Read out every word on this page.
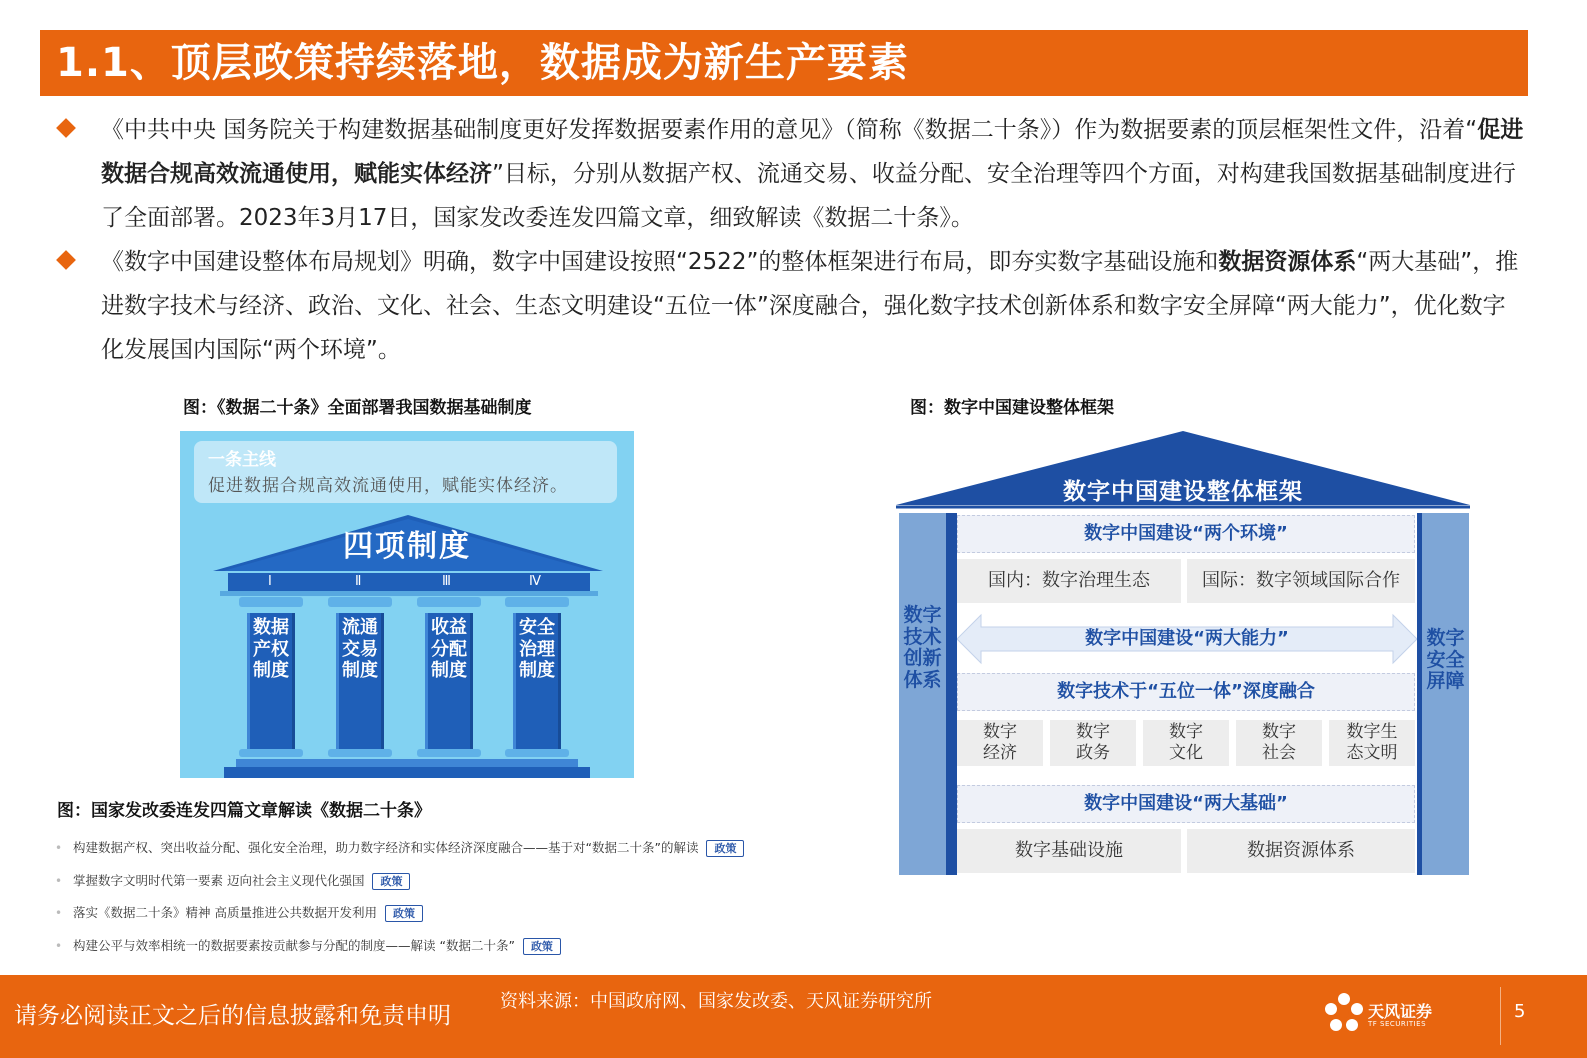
1.1、顶层政策持续落地，数据成为新生产要素
《中共中央 国务院关于构建数据基础制度更好发挥数据要素作用的意见》（简称《数据二十条》）作为数据要素的顶层框架性文件，沿着“促进数据合规高效流通使用，赋能实体经济”目标，分别从数据产权、流通交易、收益分配、安全治理等四个方面，对构建我国数据基础制度进行了全面部署。2023年3月17日，国家发改委连发四篇文章，细致解读《数据二十条》。
《数字中国建设整体布局规划》明确，数字中国建设按照“2522”的整体框架进行布局，即夯实数字基础设施和数据资源体系“两大基础”，推进数字技术与经济、政治、文化、社会、生态文明建设“五位一体”深度融合，强化数字技术创新体系和数字安全屏障“两大能力”，优化数字化发展国内国际“两个环境”。
图：《数据二十条》全面部署我国数据基础制度
一条主线
促进数据合规高效流通使用，赋能实体经济。
四项制度
Ⅰ	Ⅱ	Ⅲ	Ⅳ
数据产权制度
流通交易制度
收益分配制度
安全治理制度
图：国家发改委连发四篇文章解读《数据二十条》
• 构建数据产权、突出收益分配、强化安全治理，助力数字经济和实体经济深度融合——基于对“数据二十条”的解读 政策
• 掌握数字文明时代第一要素 迈向社会主义现代化强国 政策
• 落实《数据二十条》精神 高质量推进公共数据开发利用 政策
• 构建公平与效率相统一的数据要素按贡献参与分配的制度——解读 “数据二十条” 政策
图：数字中国建设整体框架
数字中国建设整体框架
数字技术创新体系
数字安全屏障
数字中国建设“两个环境”
国内：数字治理生态	国际：数字领域国际合作
数字中国建设“两大能力”
数字技术于“五位一体”深度融合
数字
经济
数字
政务
数字
文化
数字
社会
数字生
态文明
数字中国建设“两大基础”
数字基础设施	数据资源体系
请务必阅读正文之后的信息披露和免责申明
资料来源：中国政府网、国家发改委、天风证券研究所	天风证券
TF SECURITIES
5
